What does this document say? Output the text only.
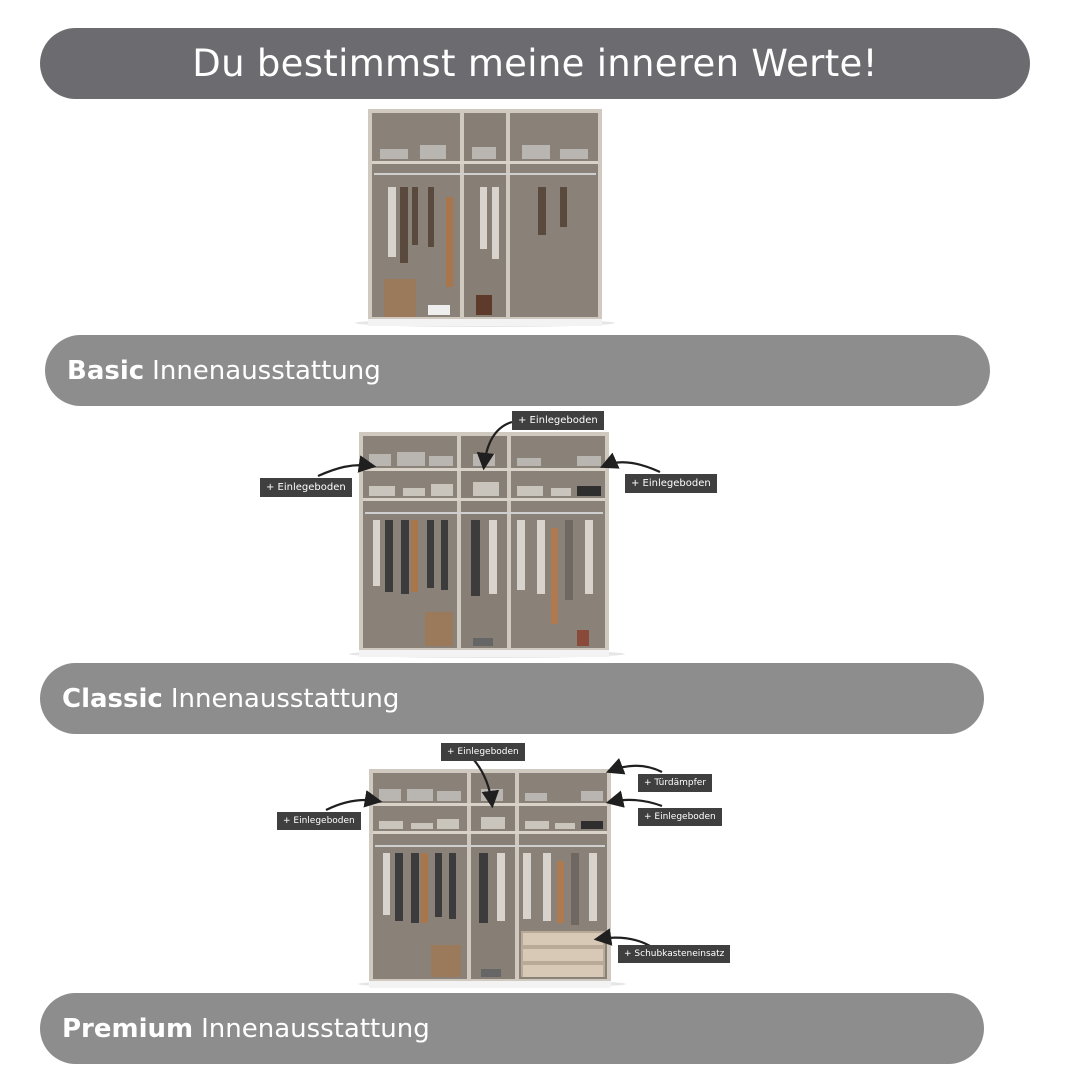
Du bestimmst meine inneren Werte!
Basic Innenausstattung
Classic Innenausstattung
Premium Innenausstattung
+ Einlegeboden
+ Einlegeboden	+ Einlegeboden
+ Einlegeboden
+ Einlegeboden
+ Türdämpfer
+ Einlegeboden
+ Schubkasteneinsatz
